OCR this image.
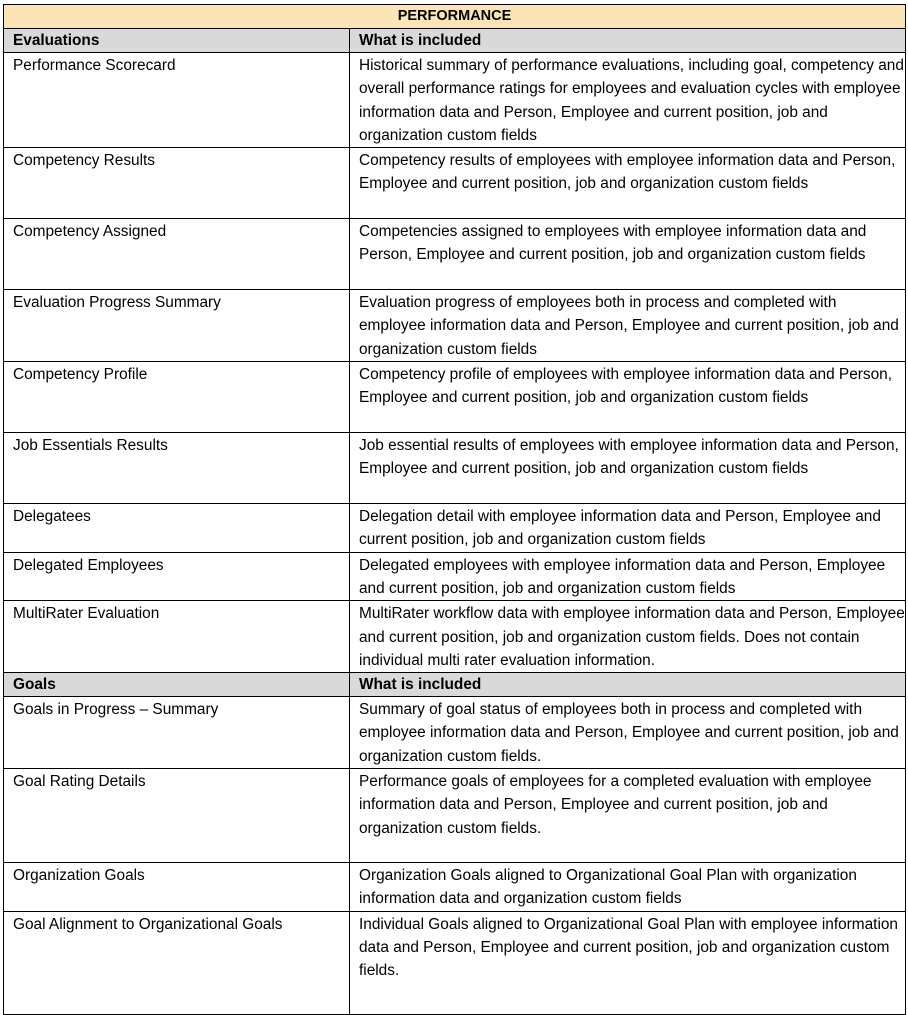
PERFORMANCE	
Evaluations	What is included
Performance Scorecard	Historical summary of performance evaluations, including goal, competency and overall performance ratings for employees and evaluation cycles with employee information data and Person, Employee and current position, job and organization custom fields
Competency Results	Competency results of employees with employee information data and Person, Employee and current position, job and organization custom fields
Competency Assigned	Competencies assigned to employees with employee information data and Person, Employee and current position, job and organization custom fields
Evaluation Progress Summary	Evaluation progress of employees both in process and completed with employee information data and Person, Employee and current position, job and organization custom fields
Competency Profile	Competency profile of employees with employee information data and Person, Employee and current position, job and organization custom fields
Job Essentials Results	Job essential results of employees with employee information data and Person, Employee and current position, job and organization custom fields
Delegatees	Delegation detail with employee information data and Person, Employee and current position, job and organization custom fields
Delegated Employees	Delegated employees with employee information data and Person, Employee and current position, job and organization custom fields
MultiRater Evaluation	MultiRater workflow data with employee information data and Person, Employee and current position, job and organization custom fields. Does not contain individual multi rater evaluation information.
Goals	What is included
Goals in Progress – Summary	Summary of goal status of employees both in process and completed with employee information data and Person, Employee and current position, job and organization custom fields.
Goal Rating Details	Performance goals of employees for a completed evaluation with employee information data and Person, Employee and current position, job and organization custom fields.
Organization Goals	Organization Goals aligned to Organizational Goal Plan with organization information data and organization custom fields
Goal Alignment to Organizational Goals	Individual Goals aligned to Organizational Goal Plan with employee information data and Person, Employee and current position, job and organization custom fields.
